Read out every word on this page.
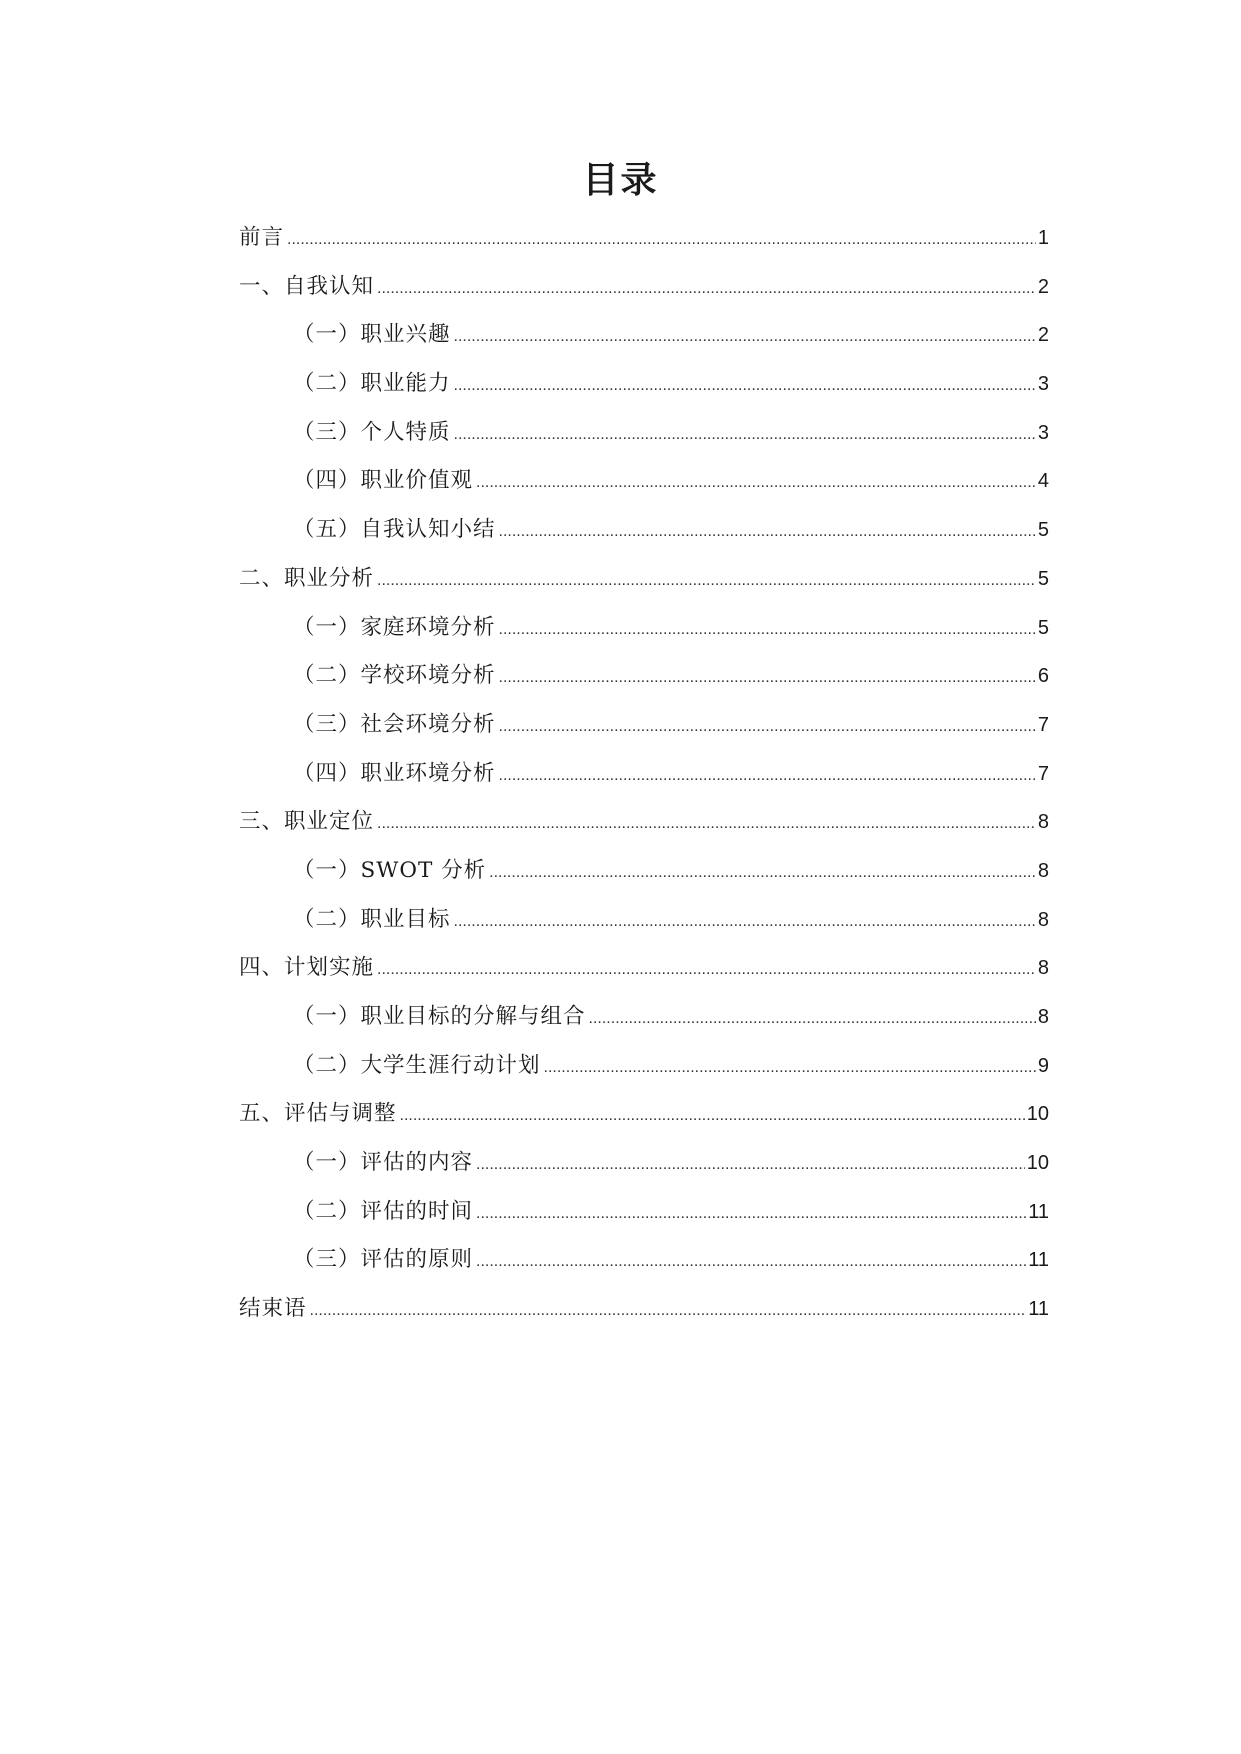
目录
前言 .....	1
一、自我认知 .....	2
（一）职业兴趣 .....	2
（二）职业能力 .....	3
（三）个人特质 .....	3
（四）职业价值观 .....	4
（五）自我认知小结 .....	5
二、职业分析 .....	5
（一）家庭环境分析 .....	5
（二）学校环境分析 .....	6
（三）社会环境分析 .....	7
（四）职业环境分析 .....	7
三、职业定位 .....	8
（一）SWOT 分析 .....	8
（二）职业目标 .....	8
四、计划实施 .....	8
（一）职业目标的分解与组合 .....	8
（二）大学生涯行动计划 .....	9
五、评估与调整 .....	10
（一）评估的内容 .....	10
（二）评估的时间 .....	11
（三）评估的原则 .....	11
结束语 .....	11
